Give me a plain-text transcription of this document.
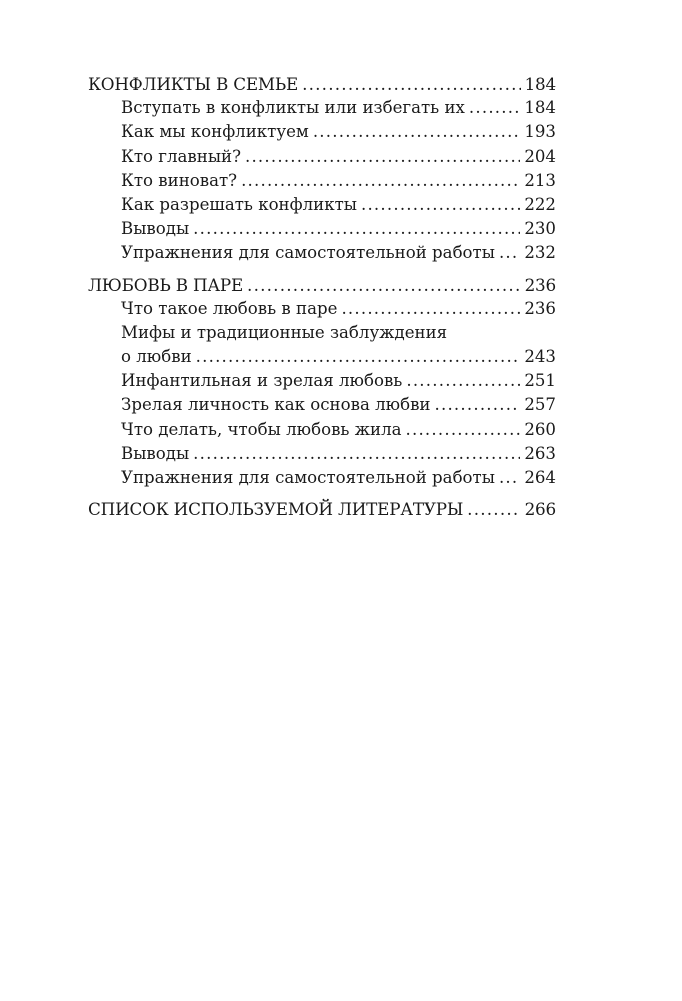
КОНФЛИКТЫ В СЕМЬЕ .....	184
Вступать в конфликты или избегать их .....	184
Как мы конфликтуем .....	193
Кто главный? .....	204
Кто виноват? .....	213
Как разрешать конфликты .....	222
Выводы .....	230
Упражнения для самостоятельной работы ..... 232
ЛЮБОВЬ В ПАРЕ .....	236
Что такое любовь в паре .....	236
Мифы и традиционные заблуждения
о любви .....	243
Инфантильная и зрелая любовь .....	251
Зрелая личность как основа любви .....	257
Что делать, чтобы любовь жила .....	260
Выводы .....	263
Упражнения для самостоятельной работы ..... 264
СПИСОК ИСПОЛЬЗУЕМОЙ ЛИТЕРАТУРЫ .....	266
